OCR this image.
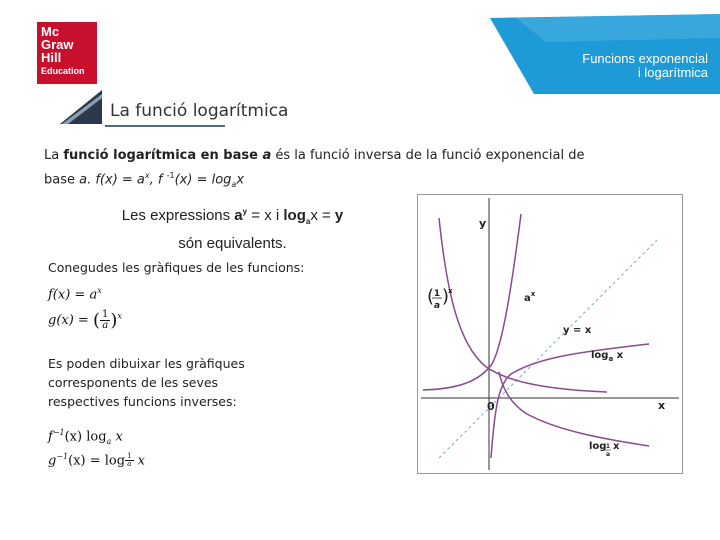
Mc
Graw
Hill
Education
Funcions exponencial
i logarítmica
La funció logarítmica
La funció logarítmica en base a és la funció inversa de la funció exponencial de
base a. $f(x) = a^x$, f $^{-1}(x) = \log_ax$
Les expressions $a^y = x$ i $\log_ax = y$
són equivalents.
Conegudes les gràfiques de les funcions:
$f(x) = a^x$
g(x) = ( $\frac{1}{a} )^x$
Es poden dibuixar les gràfiques
corresponents de les seves
respectives funcions inverses:
$f^{-1}(x)$ $\log_a x$
$g^{-1}(x) = \log \frac{1}{a}$ x
y
x
0
$a^x$
y = x
$\log_a x$
log 1
a
x
( 1
a )
x
